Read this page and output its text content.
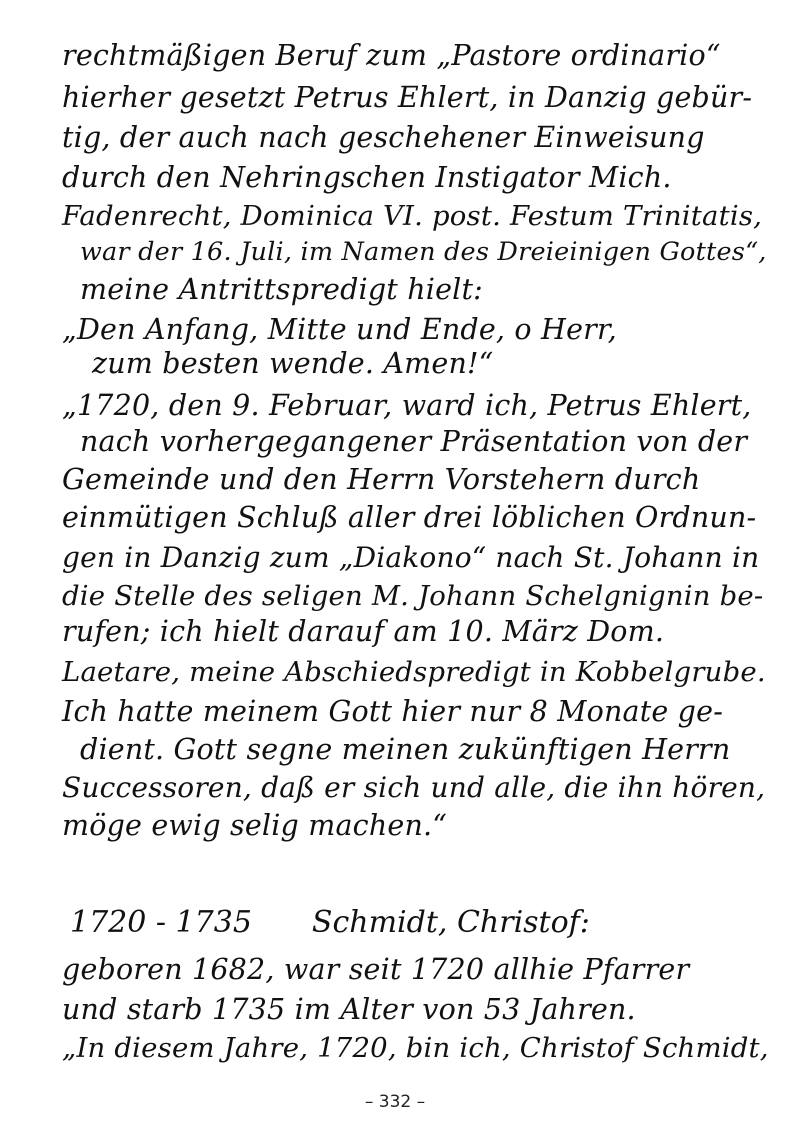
rechtmäßigen Beruf zum „Pastore ordinario“
hierher gesetzt Petrus Ehlert, in Danzig gebür-
tig, der auch nach geschehener Einweisung
durch den Nehringschen Instigator Mich.
Fadenrecht, Dominica VI. post. Festum Trinitatis,
war der 16. Juli, im Namen des Dreieinigen Gottes“,
meine Antrittspredigt hielt:
„Den Anfang, Mitte und Ende, o Herr,
zum besten wende. Amen!“
„1720, den 9. Februar, ward ich, Petrus Ehlert,
nach vorhergegangener Präsentation von der
Gemeinde und den Herrn Vorstehern durch
einmütigen Schluß aller drei löblichen Ordnun-
gen in Danzig zum „Diakono“ nach St. Johann in
die Stelle des seligen M. Johann Schelgnignin be-
rufen; ich hielt darauf am 10. März Dom.
Laetare, meine Abschiedspredigt in Kobbelgrube.
Ich hatte meinem Gott hier nur 8 Monate ge-
dient. Gott segne meinen zukünftigen Herrn
Successoren, daß er sich und alle, die ihn hören,
möge ewig selig machen.“
1720 - 1735 Schmidt, Christof:
geboren 1682, war seit 1720 allhie Pfarrer
und starb 1735 im Alter von 53 Jahren.
„In diesem Jahre, 1720, bin ich, Christof Schmidt,
– 332 –
